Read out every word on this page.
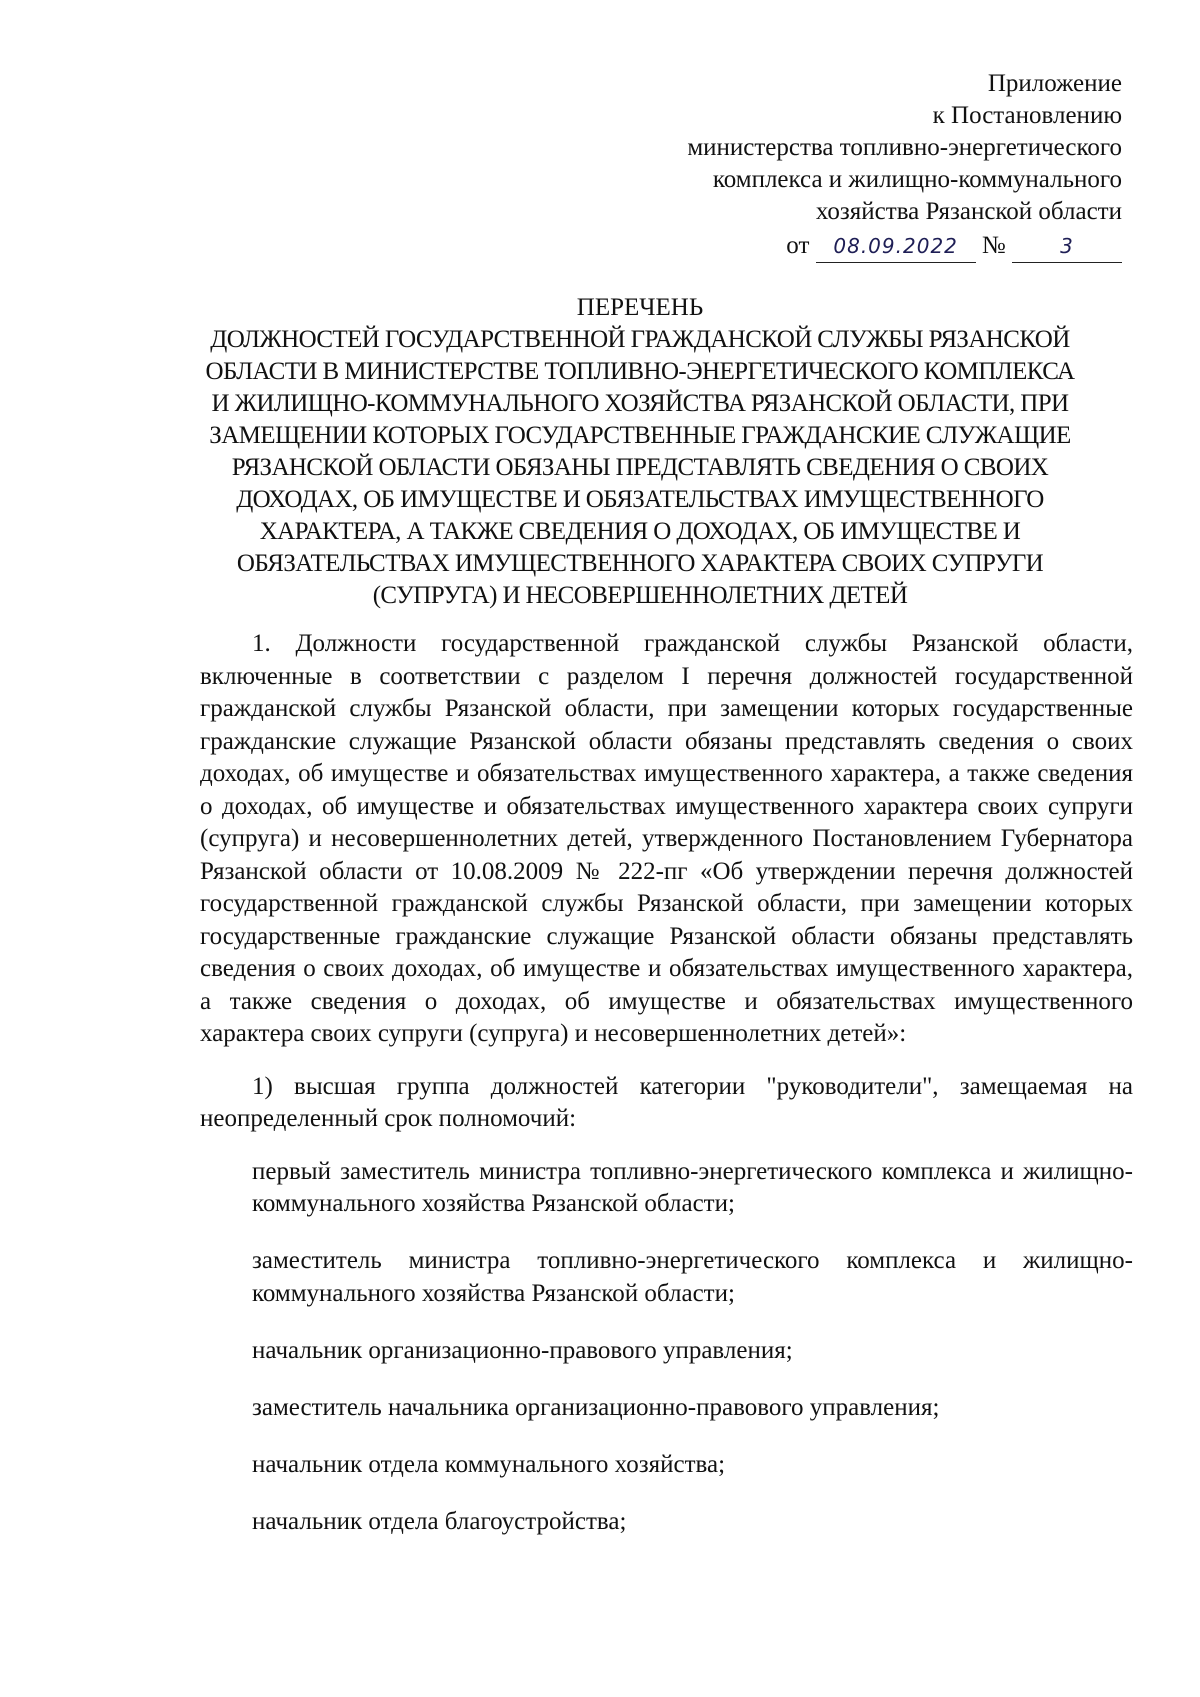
Приложение
к Постановлению
министерства топливно-энергетического
комплекса и жилищно-коммунального
хозяйства Рязанской области
от 08.09.2022 №	3
ПЕРЕЧЕНЬ
ДОЛЖНОСТЕЙ ГОСУДАРСТВЕННОЙ ГРАЖДАНСКОЙ СЛУЖБЫ РЯЗАНСКОЙ
ОБЛАСТИ В МИНИСТЕРСТВЕ ТОПЛИВНО-ЭНЕРГЕТИЧЕСКОГО КОМПЛЕКСА
И ЖИЛИЩНО-КОММУНАЛЬНОГО ХОЗЯЙСТВА РЯЗАНСКОЙ ОБЛАСТИ, ПРИ
ЗАМЕЩЕНИИ КОТОРЫХ ГОСУДАРСТВЕННЫЕ ГРАЖДАНСКИЕ СЛУЖАЩИЕ
РЯЗАНСКОЙ ОБЛАСТИ ОБЯЗАНЫ ПРЕДСТАВЛЯТЬ СВЕДЕНИЯ О СВОИХ
ДОХОДАХ, ОБ ИМУЩЕСТВЕ И ОБЯЗАТЕЛЬСТВАХ ИМУЩЕСТВЕННОГО
ХАРАКТЕРА, А ТАКЖЕ СВЕДЕНИЯ О ДОХОДАХ, ОБ ИМУЩЕСТВЕ И
ОБЯЗАТЕЛЬСТВАХ ИМУЩЕСТВЕННОГО ХАРАКТЕРА СВОИХ СУПРУГИ
(СУПРУГА) И НЕСОВЕРШЕННОЛЕТНИХ ДЕТЕЙ

1. Должности государственной гражданской службы Рязанской области, включенные в соответствии с разделом I перечня должностей государственной гражданской службы Рязанской области, при замещении которых государственные гражданские служащие Рязанской области обязаны представлять сведения о своих доходах, об имуществе и обязательствах имущественного характера, а также сведения о доходах, об имуществе и обязательствах имущественного характера своих супруги (супруга) и несовершеннолетних детей, утвержденного Постановлением Губернатора Рязанской области от 10.08.2009 № 222-пг «Об утверждении перечня должностей государственной гражданской службы Рязанской области, при замещении которых государственные гражданские служащие Рязанской области обязаны представлять сведения о своих доходах, об имуществе и обязательствах имущественного характера, а также сведения о доходах, об имуществе и обязательствах имущественного характера своих супруги (супруга) и несовершеннолетних детей»:

1) высшая группа должностей категории "руководители", замещаемая на неопределенный срок полномочий:

первый заместитель министра топливно-энергетического комплекса и жилищно-коммунального хозяйства Рязанской области;
заместитель министра топливно-энергетического комплекса и жилищно-коммунального хозяйства Рязанской области;
начальник организационно-правового управления;
заместитель начальника организационно-правового управления;
начальник отдела коммунального хозяйства;
начальник отдела благоустройства;
